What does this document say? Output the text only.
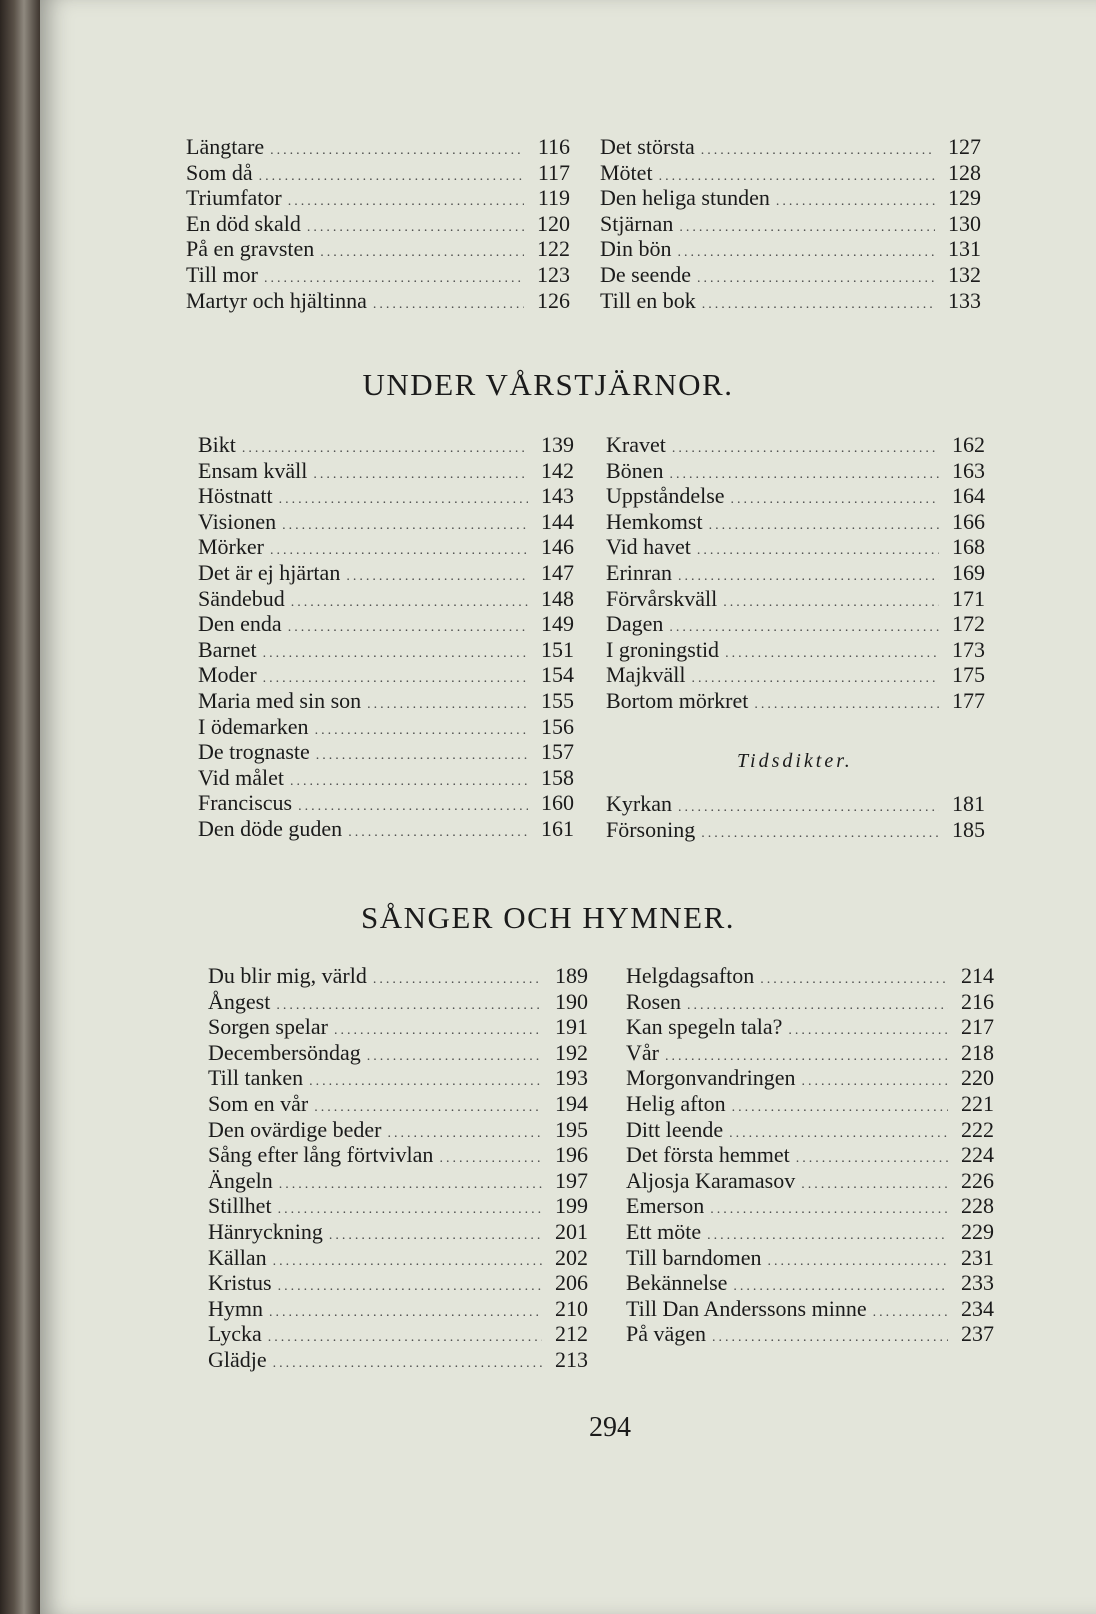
Längtare .....	116
Som då .....	117
Triumfator .....	119
En död skald .....	120
På en gravsten .....	122
Till mor .....	123
Martyr och hjältinna .....	126
Det största .....	127
Mötet .....	128
Den heliga stunden .....	129
Stjärnan .....	130
Din bön .....	131
De seende .....	132
Till en bok .....	133
UNDER VÅRSTJÄRNOR.
Bikt .....	139
Ensam kväll .....	142
Höstnatt .....	143
Visionen .....	144
Mörker .....	146
Det är ej hjärtan .....	147
Sändebud .....	148
Den enda .....	149
Barnet .....	151
Moder .....	154
Maria med sin son .....	155
I ödemarken .....	156
De trognaste .....	157
Vid målet .....	158
Franciscus .....	160
Den döde guden .....	161
Kravet .....	162
Bönen .....	163
Uppståndelse .....	164
Hemkomst .....	166
Vid havet .....	168
Erinran .....	169
Förvårskväll .....	171
Dagen .....	172
I groningstid .....	173
Majkväll .....	175
Bortom mörkret .....	177
Tidsdikter.
Kyrkan .....	181
Försoning .....	185
SÅNGER OCH HYMNER.
Du blir mig, värld .....	189
Ångest .....	190
Sorgen spelar .....	191
Decembersöndag .....	192
Till tanken .....	193
Som en vår .....	194
Den ovärdige beder .....	195
Sång efter lång förtvivlan .....	196
Ängeln .....	197
Stillhet .....	199
Hänryckning .....	201
Källan .....	202
Kristus .....	206
Hymn .....	210
Lycka .....	212
Glädje .....	213
Helgdagsafton .....	214
Rosen .....	216
Kan spegeln tala? .....	217
Vår .....	218
Morgonvandringen .....	220
Helig afton .....	221
Ditt leende .....	222
Det första hemmet .....	224
Aljosja Karamasov .....	226
Emerson .....	228
Ett möte .....	229
Till barndomen .....	231
Bekännelse .....	233
Till Dan Anderssons minne .....	234
På vägen .....	237
294
